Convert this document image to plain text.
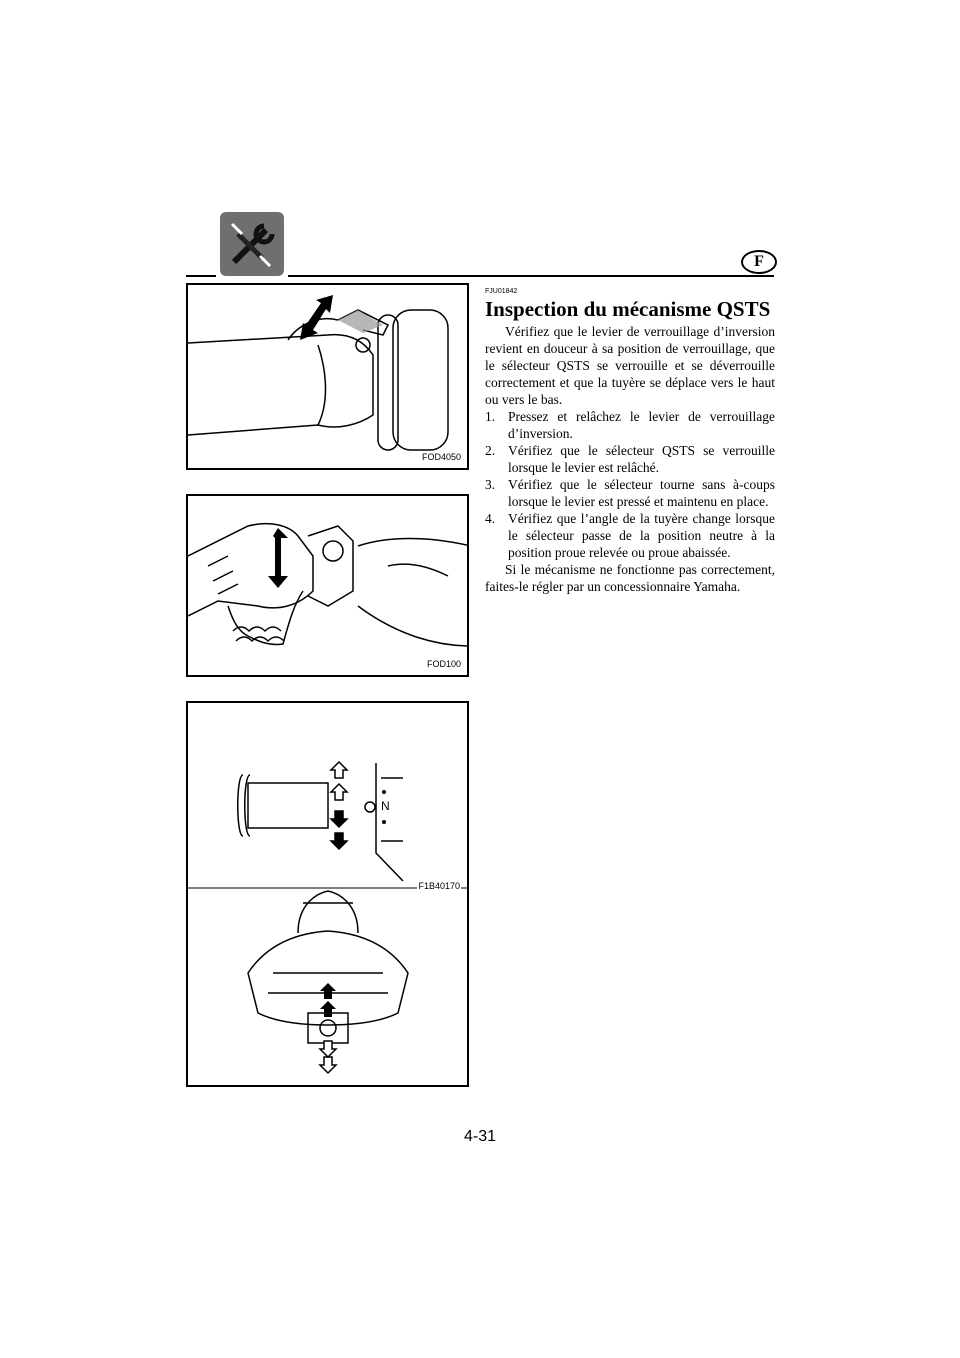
F
FOD4050
FOD100
N
F1B40170
FJU01842
Inspection du mécanisme QSTS

Vérifiez que le levier de verrouillage d’inversion revient en douceur à sa position de verrouillage, que le sélecteur QSTS se verrouille et se déverrouille correctement et que la tuyère se déplace vers le haut ou vers le bas.

1. Pressez et relâchez le levier de verrouillage d’inversion.
2. Vérifiez que le sélecteur QSTS se verrouille lorsque le levier est relâché.
3. Vérifiez que le sélecteur tourne sans à-coups lorsque le levier est pressé et maintenu en place.
4. Vérifiez que l’angle de la tuyère change lorsque le sélecteur passe de la position neutre à la position proue relevée ou proue abaissée.

Si le mécanisme ne fonctionne pas correctement, faites-le régler par un concessionnaire Yamaha.

4-31
